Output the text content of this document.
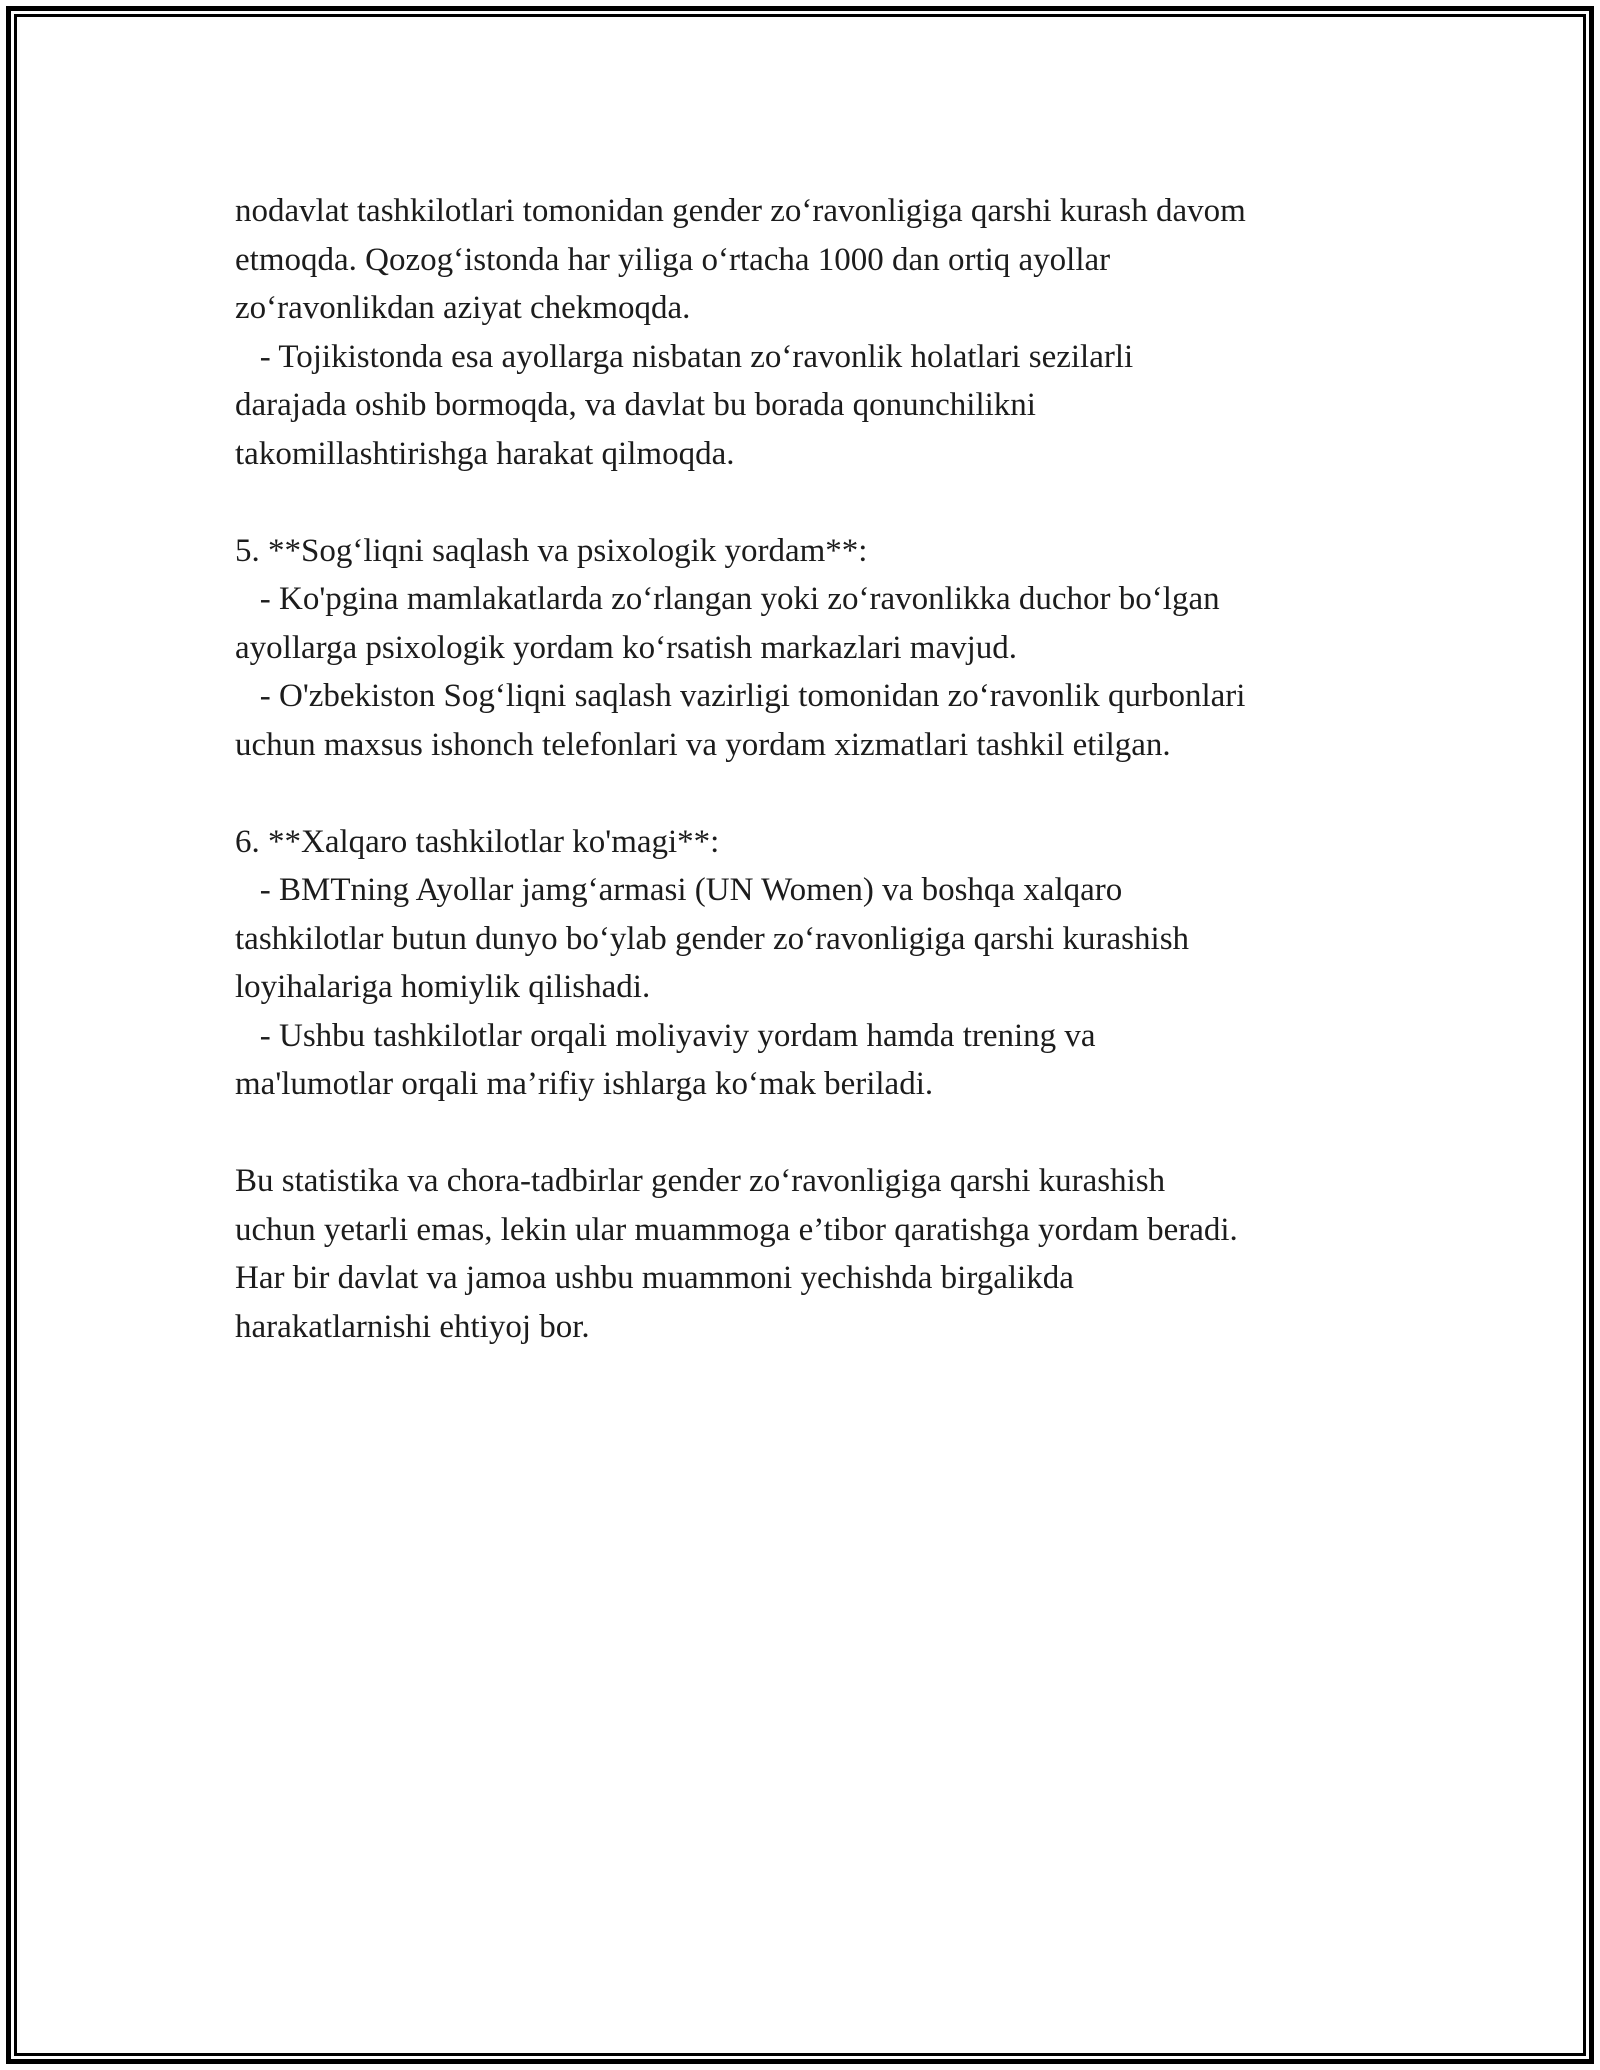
nodavlat tashkilotlari tomonidan gender zo‘ravonligiga qarshi kurash davom
etmoqda. Qozog‘istonda har yiliga o‘rtacha 1000 dan ortiq ayollar
zo‘ravonlikdan aziyat chekmoqda.
- Tojikistonda esa ayollarga nisbatan zo‘ravonlik holatlari sezilarli
darajada oshib bormoqda, va davlat bu borada qonunchilikni
takomillashtirishga harakat qilmoqda.
5. **Sog‘liqni saqlash va psixologik yordam**:
- Ko'pgina mamlakatlarda zo‘rlangan yoki zo‘ravonlikka duchor bo‘lgan
ayollarga psixologik yordam ko‘rsatish markazlari mavjud.
- O'zbekiston Sog‘liqni saqlash vazirligi tomonidan zo‘ravonlik qurbonlari
uchun maxsus ishonch telefonlari va yordam xizmatlari tashkil etilgan.
6. **Xalqaro tashkilotlar ko'magi**:
- BMTning Ayollar jamg‘armasi (UN Women) va boshqa xalqaro
tashkilotlar butun dunyo bo‘ylab gender zo‘ravonligiga qarshi kurashish
loyihalariga homiylik qilishadi.
- Ushbu tashkilotlar orqali moliyaviy yordam hamda trening va
ma'lumotlar orqali ma’rifiy ishlarga ko‘mak beriladi.
Bu statistika va chora-tadbirlar gender zo‘ravonligiga qarshi kurashish
uchun yetarli emas, lekin ular muammoga e’tibor qaratishga yordam beradi.
Har bir davlat va jamoa ushbu muammoni yechishda birgalikda
harakatlarnishi ehtiyoj bor.
